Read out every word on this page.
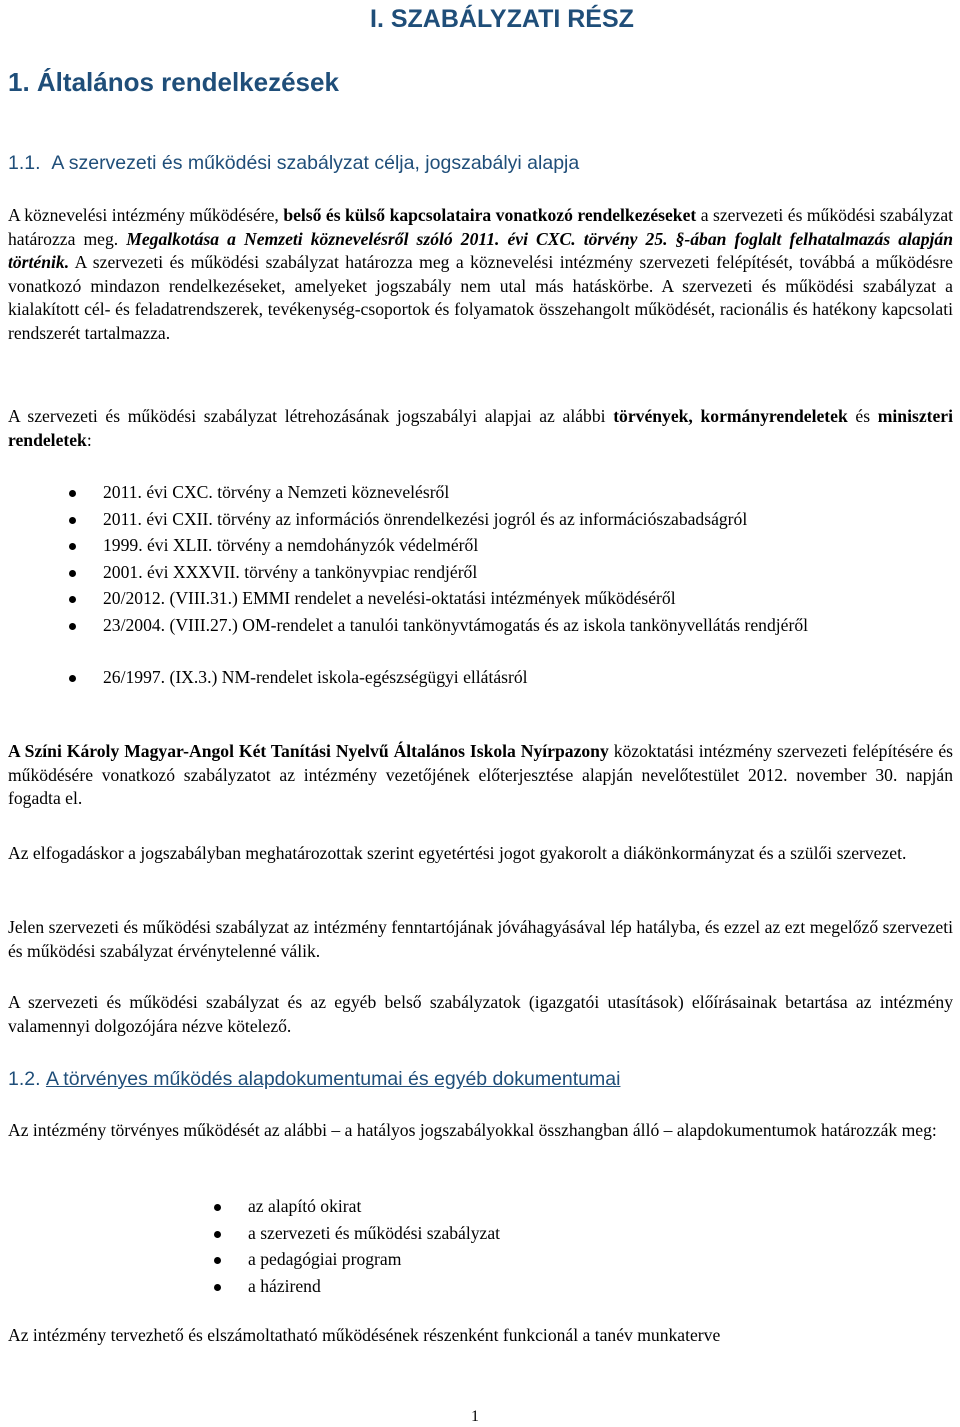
I. SZABÁLYZATI RÉSZ
1. Általános rendelkezések
1.1. A szervezeti és működési szabályzat célja, jogszabályi alapja

A köznevelési intézmény működésére, belső és külső kapcsolataira vonatkozó rendelkezéseket a szervezeti és működési szabályzat határozza meg. Megalkotása a Nemzeti köznevelésről szóló 2011. évi CXC. törvény 25. §-ában foglalt felhatalmazás alapján történik. A szervezeti és működési szabályzat határozza meg a köznevelési intézmény szervezeti felépítését, továbbá a működésre vonatkozó mindazon rendelkezéseket, amelyeket jogszabály nem utal más hatáskörbe. A szervezeti és működési szabályzat a kialakított cél- és feladatrendszerek, tevékenység-csoportok és folyamatok összehangolt működését, racionális és hatékony kapcsolati rendszerét tartalmazza.

A szervezeti és működési szabályzat létrehozásának jogszabályi alapjai az alábbi törvények, kormányrendeletek és miniszteri rendeletek:

2011. évi CXC. törvény a Nemzeti köznevelésről
2011. évi CXII. törvény az információs önrendelkezési jogról és az információszabadságról
1999. évi XLII. törvény a nemdohányzók védelméről
2001. évi XXXVII. törvény a tankönyvpiac rendjéről
20/2012. (VIII.31.) EMMI rendelet a nevelési-oktatási intézmények működéséről
23/2004. (VIII.27.) OM-rendelet a tanulói tankönyvtámogatás és az iskola tankönyvellátás rendjéről
26/1997. (IX.3.) NM-rendelet iskola-egészségügyi ellátásról

A Színi Károly Magyar-Angol Két Tanítási Nyelvű Általános Iskola Nyírpazony közoktatási intézmény szervezeti felépítésére és működésére vonatkozó szabályzatot az intézmény vezetőjének előterjesztése alapján nevelőtestület 2012. november 30. napján fogadta el.

Az elfogadáskor a jogszabályban meghatározottak szerint egyetértési jogot gyakorolt a diákönkormányzat és a szülői szervezet.

Jelen szervezeti és működési szabályzat az intézmény fenntartójának jóváhagyásával lép hatályba, és ezzel az ezt megelőző szervezeti és működési szabályzat érvénytelenné válik.

A szervezeti és működési szabályzat és az egyéb belső szabályzatok (igazgatói utasítások) előírásainak betartása az intézmény valamennyi dolgozójára nézve kötelező.

1.2. A törvényes működés alapdokumentumai és egyéb dokumentumai

Az intézmény törvényes működését az alábbi – a hatályos jogszabályokkal összhangban álló – alapdokumentumok határozzák meg:

az alapító okirat
a szervezeti és működési szabályzat
a pedagógiai program
a házirend

Az intézmény tervezhető és elszámoltatható működésének részenként funkcionál a tanév munkaterve

1
